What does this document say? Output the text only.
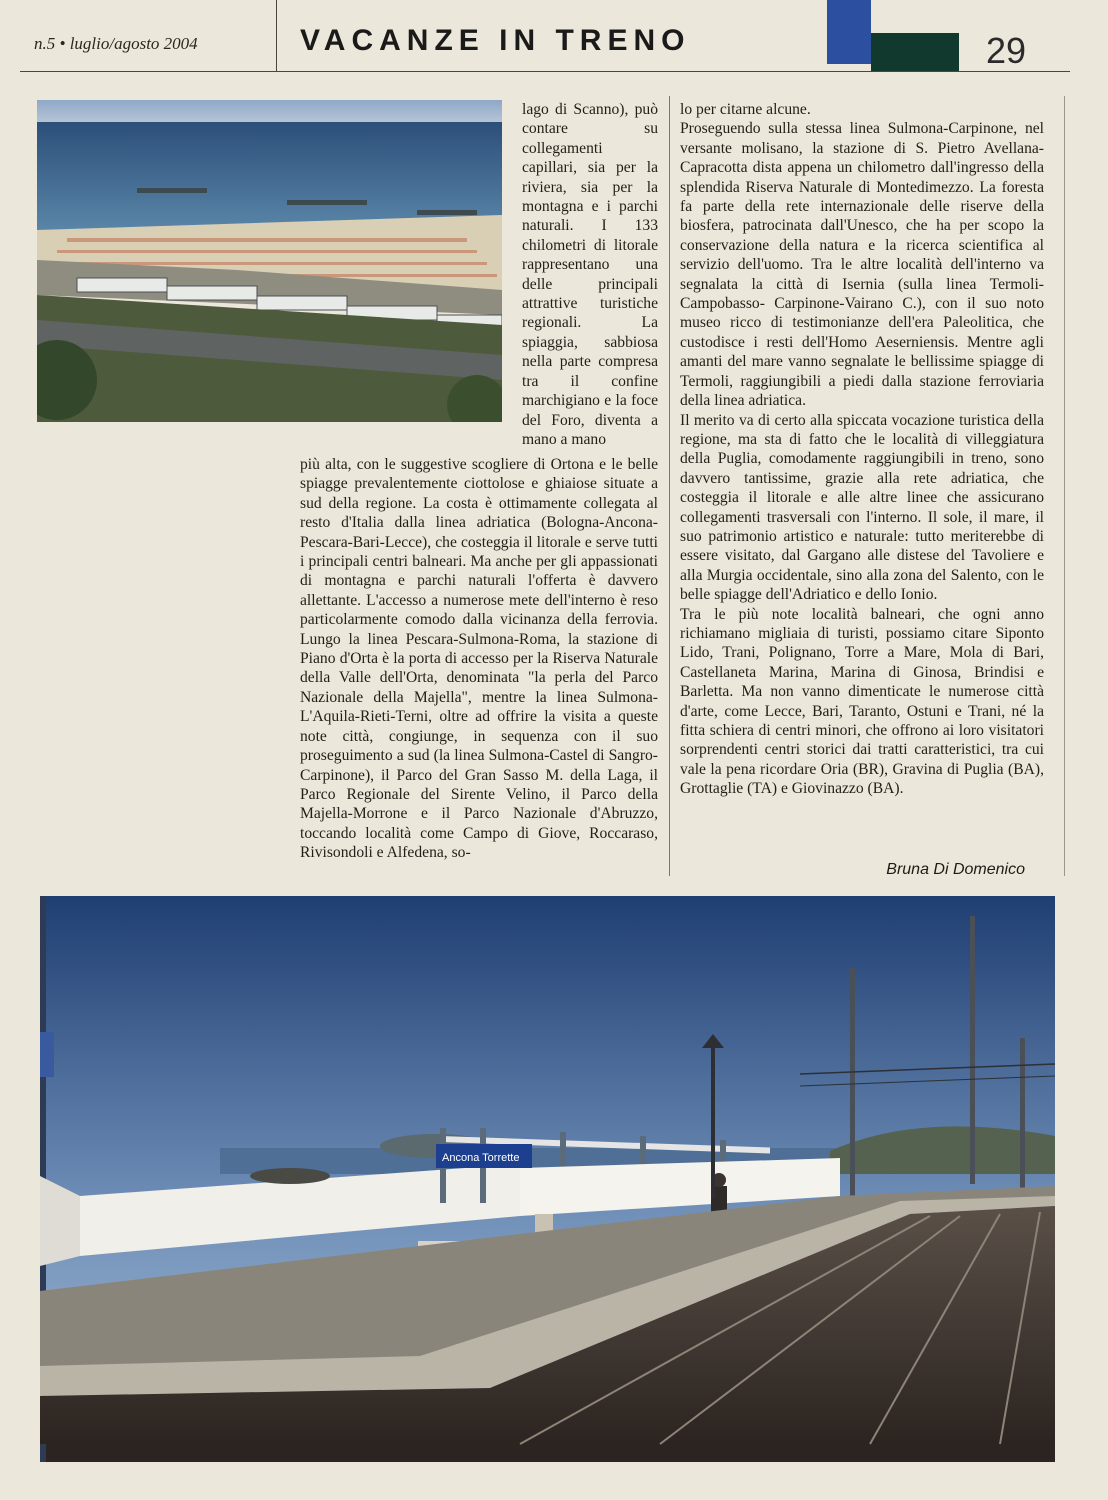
n.5 • luglio/agosto 2004	VACANZE IN TRENO	29

lago di Scanno), può contare su collegamenti capillari, sia per la riviera, sia per la montagna e i parchi naturali. I 133 chilometri di litorale rappresentano una delle principali attrattive turistiche regionali. La spiaggia, sabbiosa nella parte compresa tra il confine marchigiano e la foce del Foro, diventa a mano a mano

più alta, con le suggestive scogliere di Ortona e le belle spiagge prevalentemente ciottolose e ghiaiose situate a sud della regione. La costa è ottimamente collegata al resto d'Italia dalla linea adriatica (Bologna-Ancona-Pescara-Bari-Lecce), che costeggia il litorale e serve tutti i principali centri balneari. Ma anche per gli appassionati di montagna e parchi naturali l'offerta è davvero allettante. L'accesso a numerose mete dell'interno è reso particolarmente comodo dalla vicinanza della ferrovia. Lungo la linea Pescara-Sulmona-Roma, la stazione di Piano d'Orta è la porta di accesso per la Riserva Naturale della Valle dell'Orta, denominata "la perla del Parco Nazionale della Majella", mentre la linea Sulmona-L'Aquila-Rieti-Terni, oltre ad offrire la visita a queste note città, congiunge, in sequenza con il suo proseguimento a sud (la linea Sulmona-Castel di Sangro-Carpinone), il Parco del Gran Sasso M. della Laga, il Parco Regionale del Sirente Velino, il Parco della Majella-Morrone e il Parco Nazionale d'Abruzzo, toccando località come Campo di Giove, Roccaraso, Rivisondoli e Alfedena, so-

lo per citarne alcune.

Proseguendo sulla stessa linea Sulmona-Carpinone, nel versante molisano, la stazione di S. Pietro Avellana-Capracotta dista appena un chilometro dall'ingresso della splendida Riserva Naturale di Montedimezzo. La foresta fa parte della rete internazionale delle riserve della biosfera, patrocinata dall'Unesco, che ha per scopo la conservazione della natura e la ricerca scientifica al servizio dell'uomo. Tra le altre località dell'interno va segnalata la città di Isernia (sulla linea Termoli- Campobasso- Carpinone-Vairano C.), con il suo noto museo ricco di testimonianze dell'era Paleolitica, che custodisce i resti dell'Homo Aeserniensis. Mentre agli amanti del mare vanno segnalate le bellissime spiagge di Termoli, raggiungibili a piedi dalla stazione ferroviaria della linea adriatica.

Il merito va di certo alla spiccata vocazione turistica della regione, ma sta di fatto che le località di villeggiatura della Puglia, comodamente raggiungibili in treno, sono davvero tantissime, grazie alla rete adriatica, che costeggia il litorale e alle altre linee che assicurano collegamenti trasversali con l'interno. Il sole, il mare, il suo patrimonio artistico e naturale: tutto meriterebbe di essere visitato, dal Gargano alle distese del Tavoliere e alla Murgia occidentale, sino alla zona del Salento, con le belle spiagge dell'Adriatico e dello Ionio.

Tra le più note località balneari, che ogni anno richiamano migliaia di turisti, possiamo citare Siponto Lido, Trani, Polignano, Torre a Mare, Mola di Bari, Castellaneta Marina, Marina di Ginosa, Brindisi e Barletta. Ma non vanno dimenticate le numerose città d'arte, come Lecce, Bari, Taranto, Ostuni e Trani, né la fitta schiera di centri minori, che offrono ai loro visitatori sorprendenti centri storici dai tratti caratteristici, tra cui vale la pena ricordare Oria (BR), Gravina di Puglia (BA), Grottaglie (TA) e Giovinazzo (BA).

Bruna Di Domenico
Ancona Torrette
